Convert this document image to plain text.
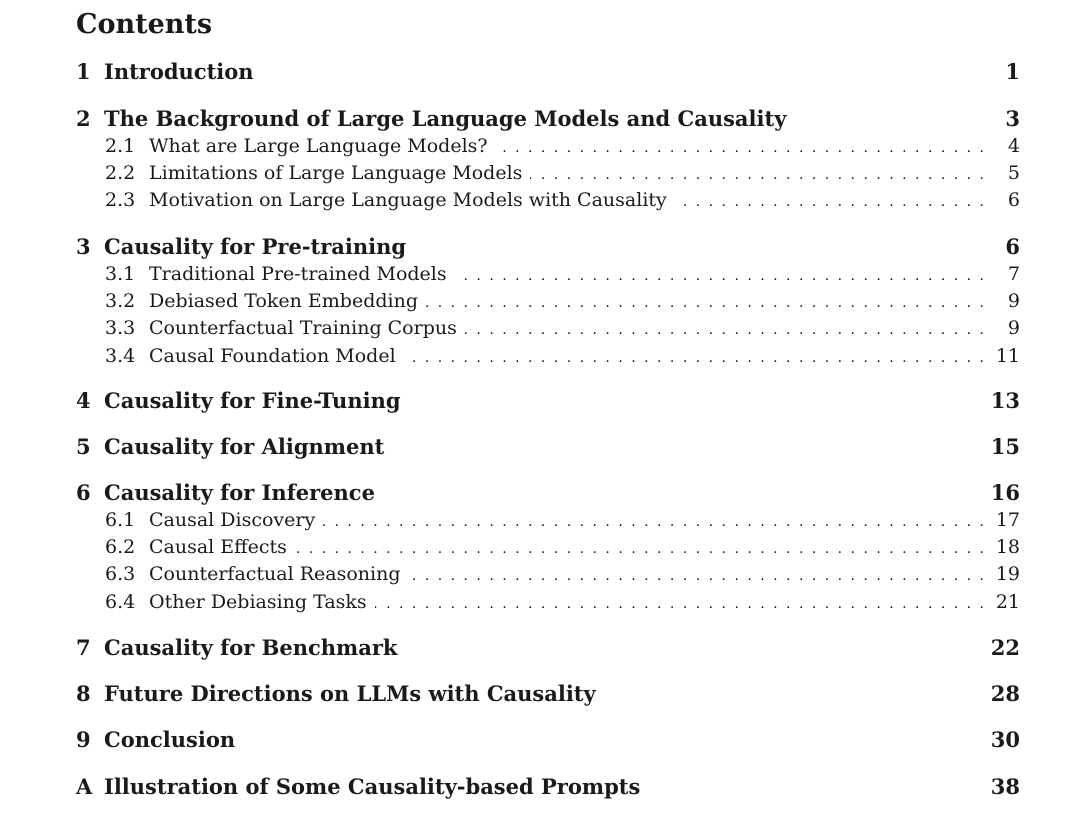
Contents
1 Introduction	1
2 The Background of Large Language Models and Causality	3
2.1 What are Large Language Models? . . .	4
2.2 Limitations of Large Language Models . . .	5
2.3 Motivation on Large Language Models with Causality . . .	6
3 Causality for Pre-training	6
3.1 Traditional Pre-trained Models . . .	7
3.2 Debiased Token Embedding . . .	9
3.3 Counterfactual Training Corpus . . .	9
3.4 Causal Foundation Model . . .	11
4 Causality for Fine-Tuning	13
5 Causality for Alignment	15
6 Causality for Inference	16
6.1 Causal Discovery . . .	17
6.2 Causal Effects . . .	18
6.3 Counterfactual Reasoning . . .	19
6.4 Other Debiasing Tasks . . .	21
7 Causality for Benchmark	22
8 Future Directions on LLMs with Causality	28
9 Conclusion	30
A Illustration of Some Causality-based Prompts	38
